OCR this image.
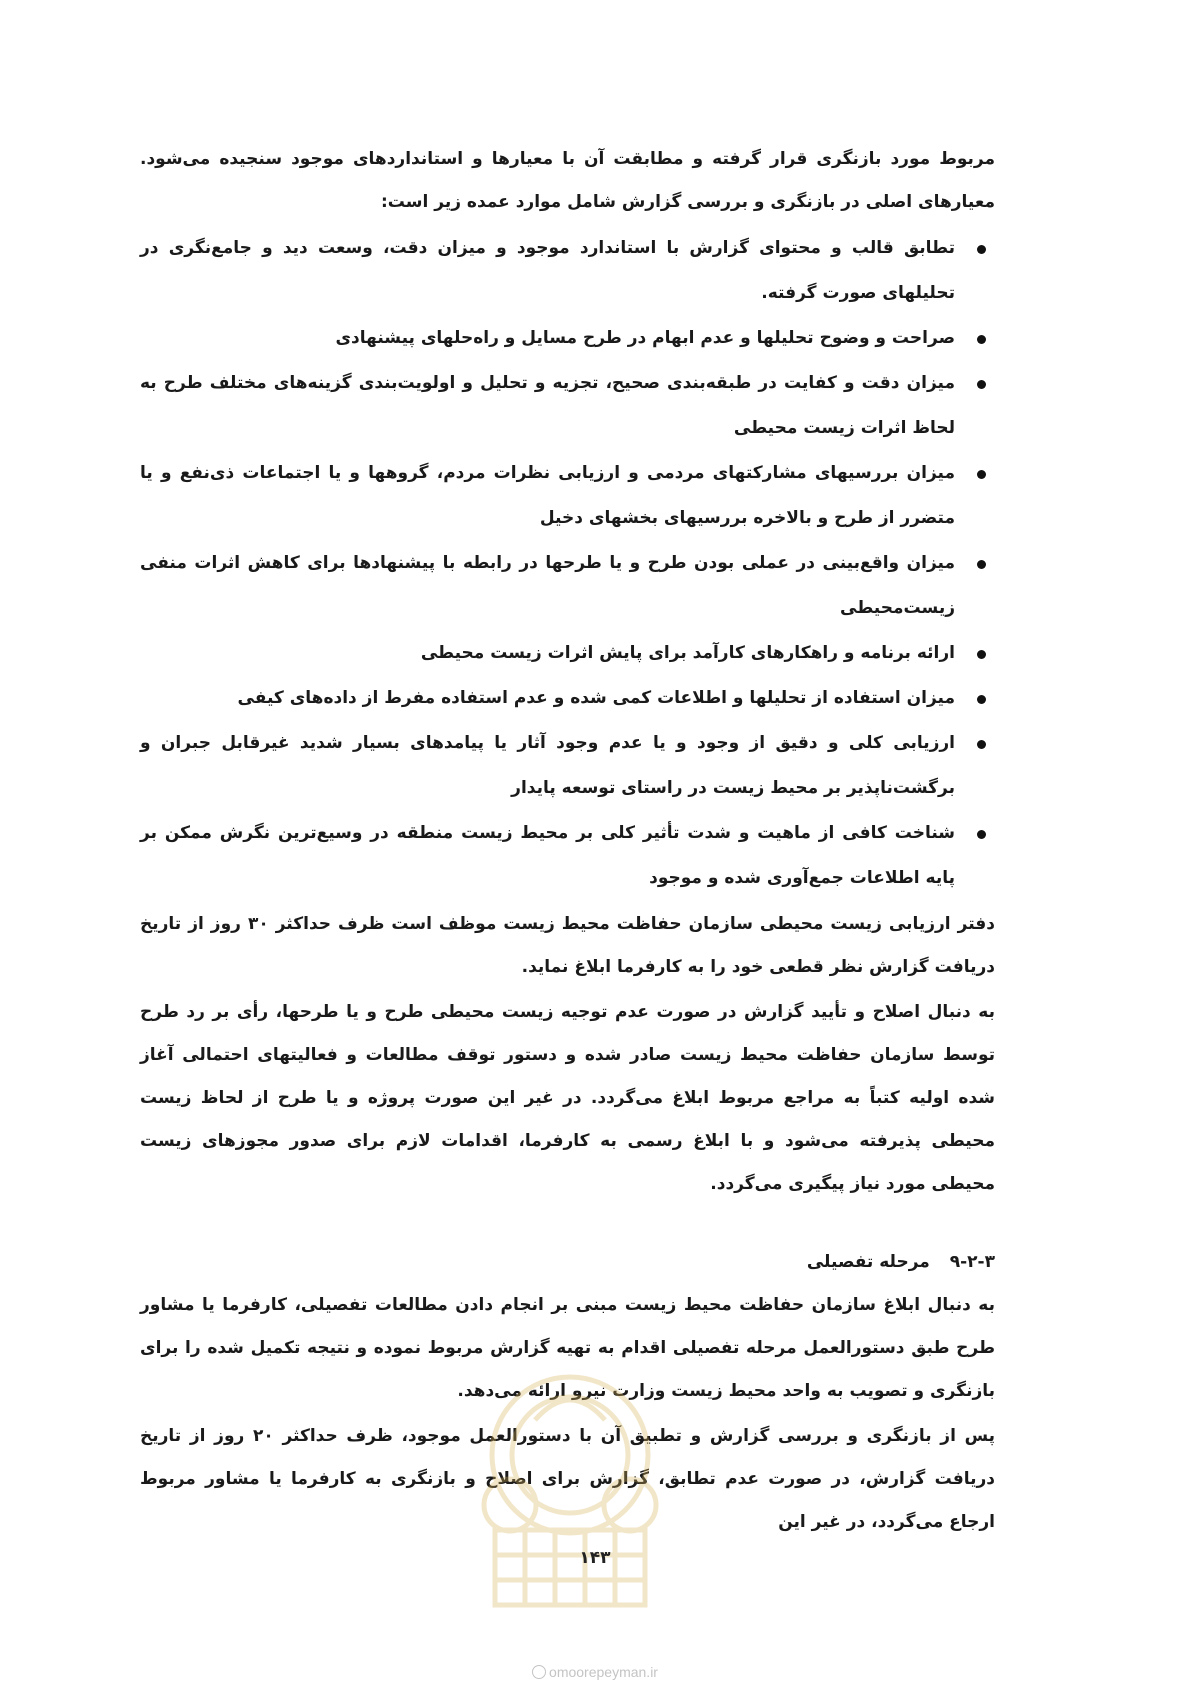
مربوط مورد بازنگری قرار گرفته و مطابقت آن با معیارها و استانداردهای موجود سنجیده می‌شود. معیارهای اصلی در بازنگری و بررسی گزارش شامل موارد عمده زیر است:

تطابق قالب و محتوای گزارش با استاندارد موجود و میزان دقت، وسعت دید و جامع‌نگری در تحلیلهای صورت گرفته.
صراحت و وضوح تحلیلها و عدم ابهام در طرح مسایل و راه‌حلهای پیشنهادی
میزان دقت و کفایت در طبقه‌بندی صحیح، تجزیه و تحلیل و اولویت‌بندی گزینه‌های مختلف طرح به لحاظ اثرات زیست محیطی
میزان بررسیهای مشارکتهای مردمی و ارزیابی نظرات مردم، گروهها و یا اجتماعات ذی‌نفع و یا متضرر از طرح و بالاخره بررسیهای بخشهای دخیل
میزان واقع‌بینی در عملی بودن طرح و یا طرحها در رابطه با پیشنهادها برای کاهش اثرات منفی زیست‌محیطی
ارائه برنامه و راهکارهای کارآمد برای پایش اثرات زیست محیطی
میزان استفاده از تحلیلها و اطلاعات کمی شده و عدم استفاده مفرط از داده‌های کیفی
ارزیابی کلی و دقیق از وجود و یا عدم وجود آثار یا پیامدهای بسیار شدید غیرقابل جبران و برگشت‌ناپذیر بر محیط زیست در راستای توسعه پایدار
شناخت کافی از ماهیت و شدت تأثیر کلی بر محیط زیست منطقه در وسیع‌ترین نگرش ممکن بر پایه اطلاعات جمع‌آوری شده و موجود

دفتر ارزیابی زیست محیطی سازمان حفاظت محیط زیست موظف است ظرف حداکثر ۳۰ روز از تاریخ دریافت گزارش نظر قطعی خود را به کارفرما ابلاغ نماید.

به دنبال اصلاح و تأیید گزارش در صورت عدم توجیه زیست محیطی طرح و یا طرحها، رأی بر رد طرح توسط سازمان حفاظت محیط زیست صادر شده و دستور توقف مطالعات و فعالیتهای احتمالی آغاز شده اولیه کتباً به مراجع مربوط ابلاغ می‌گردد. در غیر این صورت پروژه و یا طرح از لحاظ زیست محیطی پذیرفته می‌شود و با ابلاغ رسمی به کارفرما، اقدامات لازم برای صدور مجوزهای زیست محیطی مورد نیاز پیگیری می‌گردد.

۹-۲-۳ مرحله تفصیلی

به دنبال ابلاغ سازمان حفاظت محیط زیست مبنی بر انجام دادن مطالعات تفصیلی، کارفرما یا مشاور طرح طبق دستورالعمل مرحله تفصیلی اقدام به تهیه گزارش مربوط نموده و نتیجه تکمیل شده را برای بازنگری و تصویب به واحد محیط زیست وزارت نیرو ارائه می‌دهد.

پس از بازنگری و بررسی گزارش و تطبیق آن با دستورالعمل موجود، ظرف حداکثر ۲۰ روز از تاریخ دریافت گزارش، در صورت عدم تطابق، گزارش برای اصلاح و بازنگری به کارفرما یا مشاور مربوط ارجاع می‌گردد، در غیر این

۱۴۳
omoorepeyman.ir
